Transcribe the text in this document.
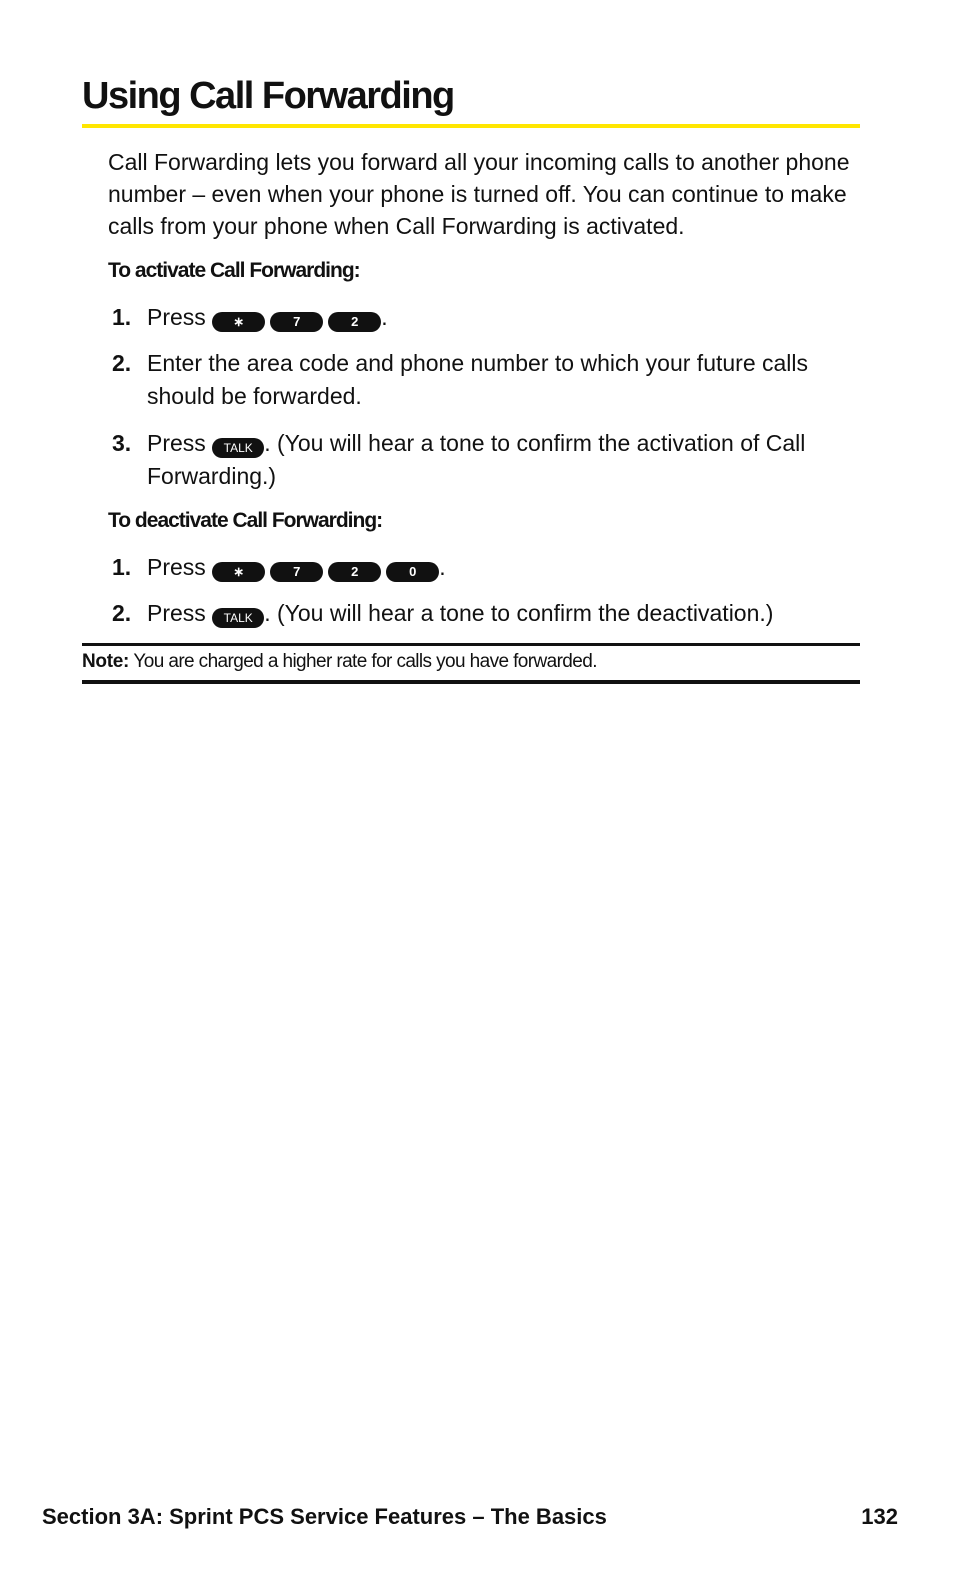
Using Call Forwarding

Call Forwarding lets you forward all your incoming calls to another phone number – even when your phone is turned off. You can continue to make calls from your phone when Call Forwarding is activated.

To activate Call Forwarding:
1. Press ∗	7	2 .
2. Enter the area code and phone number to which your future calls should be forwarded.
3. Press TALK . (You will hear a tone to confirm the activation of Call Forwarding.)
To deactivate Call Forwarding:
1. Press ∗	7	2	0 .
2. Press TALK . (You will hear a tone to confirm the deactivation.)
Note: You are charged a higher rate for calls you have forwarded.
Section 3A: Sprint PCS Service Features – The Basics	132
